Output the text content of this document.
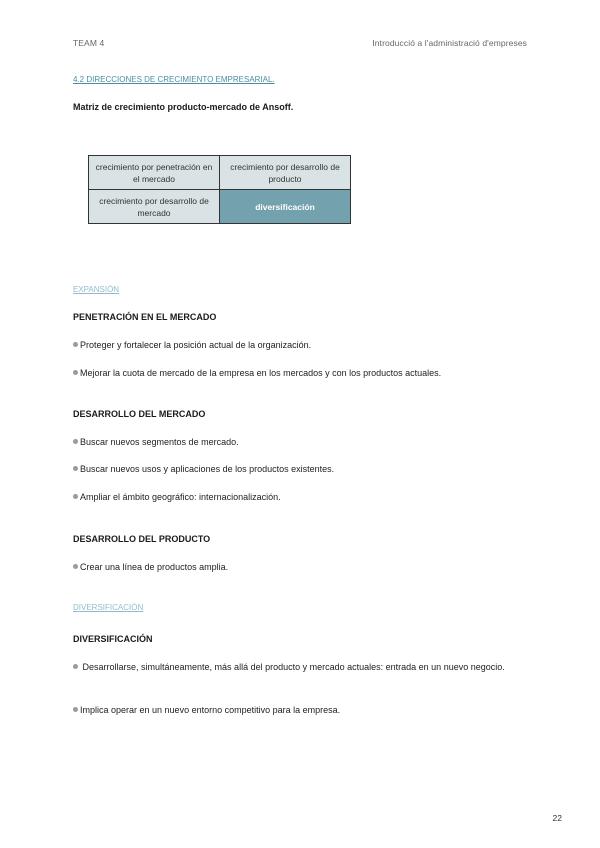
TEAM 4	Introducció a l'administració d'empreses
4.2 DIRECCIONES DE CRECIMIENTO EMPRESARIAL.
Matriz de crecimiento producto-mercado de Ansoff.
crecimiento por penetración en el mercado	crecimiento por desarrollo de producto
crecimiento por desarrollo de mercado	diversificación
EXPANSIÓN
PENETRACIÓN EN EL MERCADO
Proteger y fortalecer la posición actual de la organización.
Mejorar la cuota de mercado de la empresa en los mercados y con los productos actuales.
DESARROLLO DEL MERCADO
Buscar nuevos segmentos de mercado.
Buscar nuevos usos y aplicaciones de los productos existentes.
Ampliar el ámbito geográfico: internacionalización.
DESARROLLO DEL PRODUCTO
Crear una línea de productos amplia.
DIVERSIFICACIÓN
DIVERSIFICACIÓN
Desarrollarse, simultáneamente, más allá del producto y mercado actuales: entrada en un nuevo negocio.
Implica operar en un nuevo entorno competitivo para la empresa.
22
